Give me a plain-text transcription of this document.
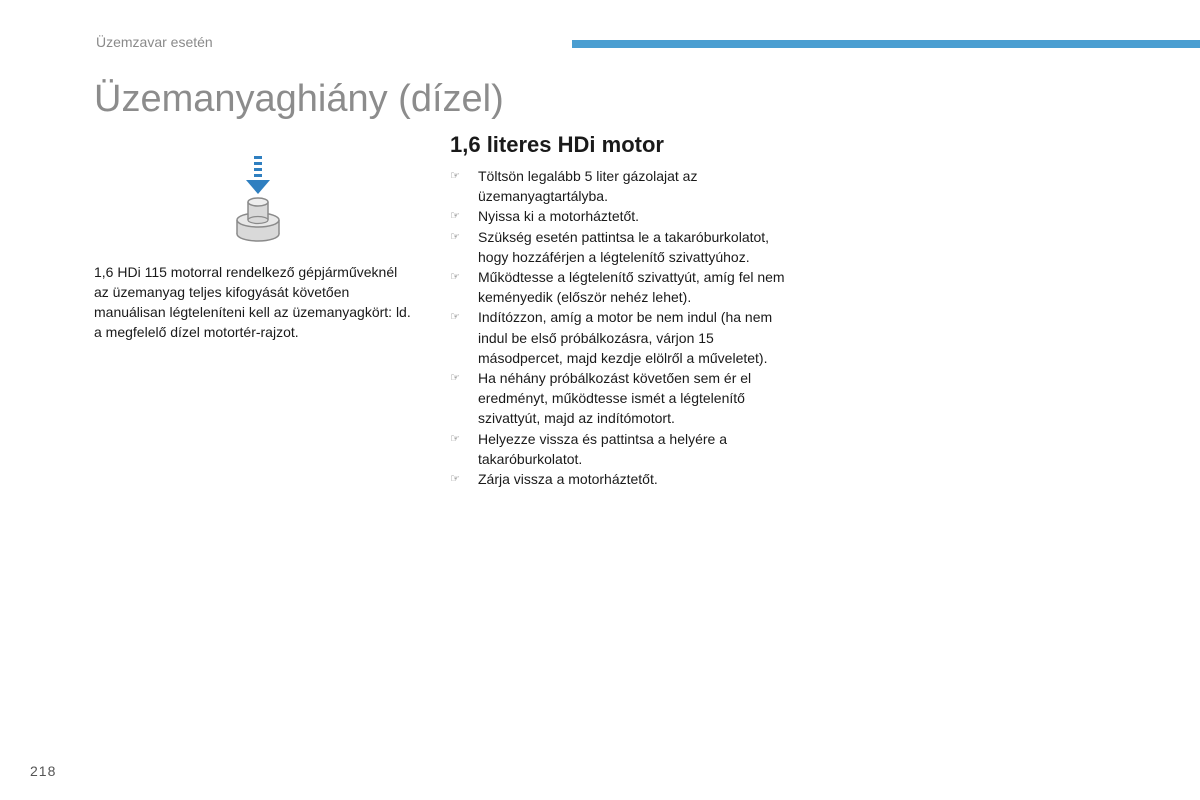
Üzemzavar esetén
Üzemanyaghiány (dízel)

1,6 HDi 115 motorral rendelkező gépjárműveknél az üzemanyag teljes kifogyását követően manuálisan légteleníteni kell az üzemanyagkört: ld. a megfelelő dízel motortér-rajzot.

1,6 literes HDi motor
☞ Töltsön legalább 5 liter gázolajat az üzemanyagtartályba.
☞ Nyissa ki a motorháztetőt.
☞ Szükség esetén pattintsa le a takaróburkolatot, hogy hozzáférjen a légtelenítő szivattyúhoz.
☞ Működtesse a légtelenítő szivattyút, amíg fel nem keményedik (először nehéz lehet).
☞ Indítózzon, amíg a motor be nem indul (ha nem indul be első próbálkozásra, várjon 15 másodpercet, majd kezdje elölről a műveletet).
☞ Ha néhány próbálkozást követően sem ér el eredményt, működtesse ismét a légtelenítő szivattyút, majd az indítómotort.
☞ Helyezze vissza és pattintsa a helyére a takaróburkolatot.
☞ Zárja vissza a motorháztetőt.
218
